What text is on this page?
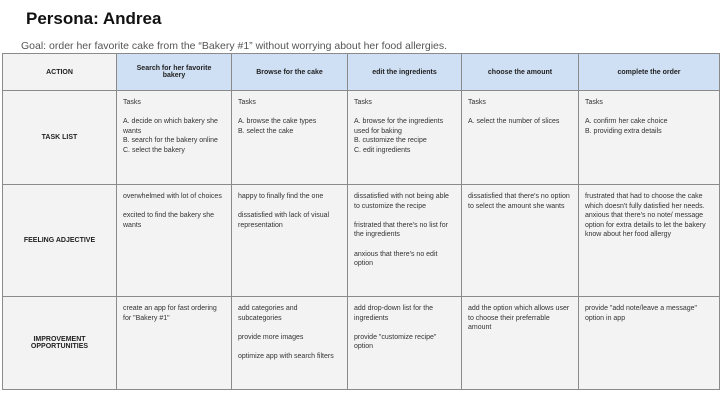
Persona: Andrea
Goal: order her favorite cake from the “Bakery #1” without worrying about her food allergies.
ACTION	Search for her favorite bakery	Browse for the cake	edit the ingredients	choose the amount	complete the order
TASK LIST	Tasks
A. decide on which bakery she wants
B. search for the bakery online
C. select the bakery	Tasks
A. browse the cake types
B. select the cake	Tasks
A. browse for the ingredients used for baking
B. customize the recipe
C. edit ingredients	Tasks
A. select the number of slices	Tasks
A. confirm her cake choice
B. providing extra details

FEELING ADJECTIVE	overwhelmed with lot of choices
excited to find the bakery she wants	happy to finally find the one
dissatisfied with lack of visual representation	dissatisfied with not being able to customize the recipe
fristrated that there's no list for the ingredients
anxious that there's no edit option	dissatisfied that there's no option to select the amount she wants	frustrated that had to choose the cake which doesn't fully datisfied her needs.
anxious that there's no note/ message option for extra details to let the bakery know about her food allergy

IMPROVEMENT OPPORTUNITIES	create an app for fast ordering for "Bakery #1"	add categories and subcategories
provide more images
optimize app with search filters	add drop-down list for the ingredients
provide "customize recipe" option	add the option which allows user to choose their preferrable amount	provide "add note/leave a message" option in app
